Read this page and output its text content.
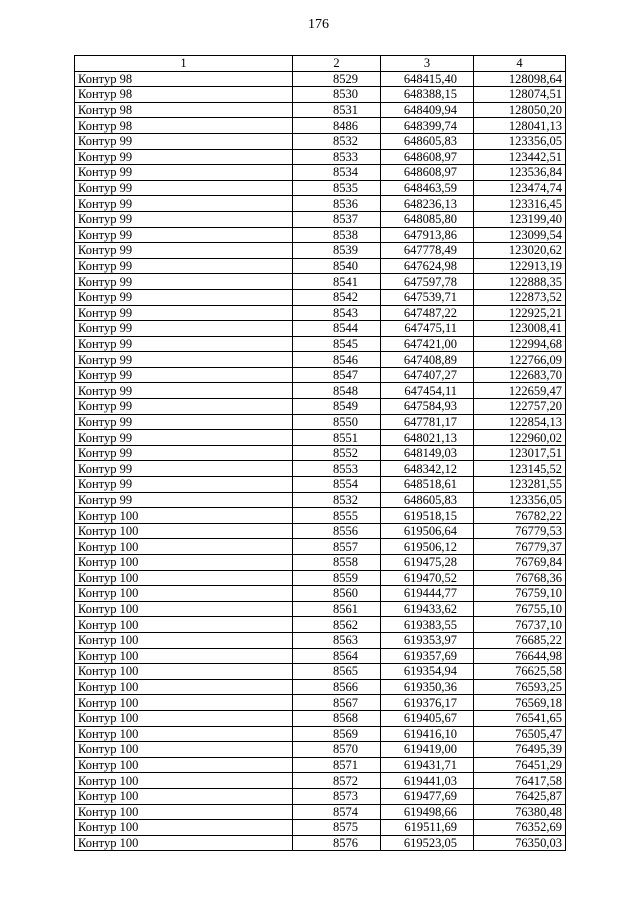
176
1	2	3	4
Контур 98	8529	648415,40	128098,64
Контур 98	8530	648388,15	128074,51
Контур 98	8531	648409,94	128050,20
Контур 98	8486	648399,74	128041,13
Контур 99	8532	648605,83	123356,05
Контур 99	8533	648608,97	123442,51
Контур 99	8534	648608,97	123536,84
Контур 99	8535	648463,59	123474,74
Контур 99	8536	648236,13	123316,45
Контур 99	8537	648085,80	123199,40
Контур 99	8538	647913,86	123099,54
Контур 99	8539	647778,49	123020,62
Контур 99	8540	647624,98	122913,19
Контур 99	8541	647597,78	122888,35
Контур 99	8542	647539,71	122873,52
Контур 99	8543	647487,22	122925,21
Контур 99	8544	647475,11	123008,41
Контур 99	8545	647421,00	122994,68
Контур 99	8546	647408,89	122766,09
Контур 99	8547	647407,27	122683,70
Контур 99	8548	647454,11	122659,47
Контур 99	8549	647584,93	122757,20
Контур 99	8550	647781,17	122854,13
Контур 99	8551	648021,13	122960,02
Контур 99	8552	648149,03	123017,51
Контур 99	8553	648342,12	123145,52
Контур 99	8554	648518,61	123281,55
Контур 99	8532	648605,83	123356,05
Контур 100	8555	619518,15	76782,22
Контур 100	8556	619506,64	76779,53
Контур 100	8557	619506,12	76779,37
Контур 100	8558	619475,28	76769,84
Контур 100	8559	619470,52	76768,36
Контур 100	8560	619444,77	76759,10
Контур 100	8561	619433,62	76755,10
Контур 100	8562	619383,55	76737,10
Контур 100	8563	619353,97	76685,22
Контур 100	8564	619357,69	76644,98
Контур 100	8565	619354,94	76625,58
Контур 100	8566	619350,36	76593,25
Контур 100	8567	619376,17	76569,18
Контур 100	8568	619405,67	76541,65
Контур 100	8569	619416,10	76505,47
Контур 100	8570	619419,00	76495,39
Контур 100	8571	619431,71	76451,29
Контур 100	8572	619441,03	76417,58
Контур 100	8573	619477,69	76425,87
Контур 100	8574	619498,66	76380,48
Контур 100	8575	619511,69	76352,69
Контур 100	8576	619523,05	76350,03
